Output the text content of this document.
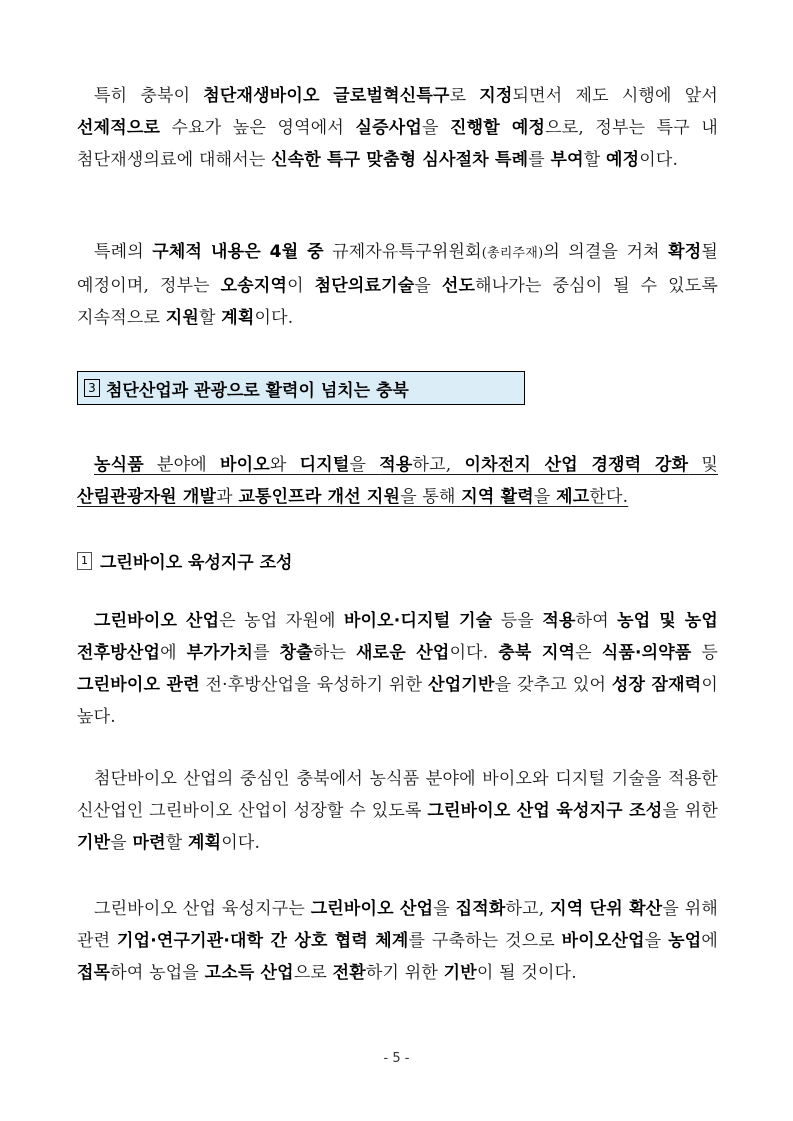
특히 충북이 첨단재생바이오 글로벌혁신특구로 지정되면서 제도 시행에 앞서 선제적으로 수요가 높은 영역에서 실증사업을 진행할 예정으로, 정부는 특구 내 첨단재생의료에 대해서는 신속한 특구 맞춤형 심사절차 특례를 부여할 예정이다.
특례의 구체적 내용은 4월 중 규제자유특구위원회(총리주재)의 의결을 거쳐 확정될 예정이며, 정부는 오송지역이 첨단의료기술을 선도해나가는 중심이 될 수 있도록 지속적으로 지원할 계획이다.
3 첨단산업과 관광으로 활력이 넘치는 충북
농식품 분야에 바이오와 디지털을 적용하고, 이차전지 산업 경쟁력 강화 및 산림관광자원 개발과 교통인프라 개선 지원을 통해 지역 활력을 제고한다.
1 그린바이오 육성지구 조성
그린바이오 산업은 농업 자원에 바이오·디지털 기술 등을 적용하여 농업 및 농업 전후방산업에 부가가치를 창출하는 새로운 산업이다. 충북 지역은 식품·의약품 등 그린바이오 관련 전·후방산업을 육성하기 위한 산업기반을 갖추고 있어 성장 잠재력이 높다.
첨단바이오 산업의 중심인 충북에서 농식품 분야에 바이오와 디지털 기술을 적용한 신산업인 그린바이오 산업이 성장할 수 있도록 그린바이오 산업 육성지구 조성을 위한 기반을 마련할 계획이다.
그린바이오 산업 육성지구는 그린바이오 산업을 집적화하고, 지역 단위 확산을 위해 관련 기업·연구기관·대학 간 상호 협력 체계를 구축하는 것으로 바이오산업을 농업에 접목하여 농업을 고소득 산업으로 전환하기 위한 기반이 될 것이다.
- 5 -
